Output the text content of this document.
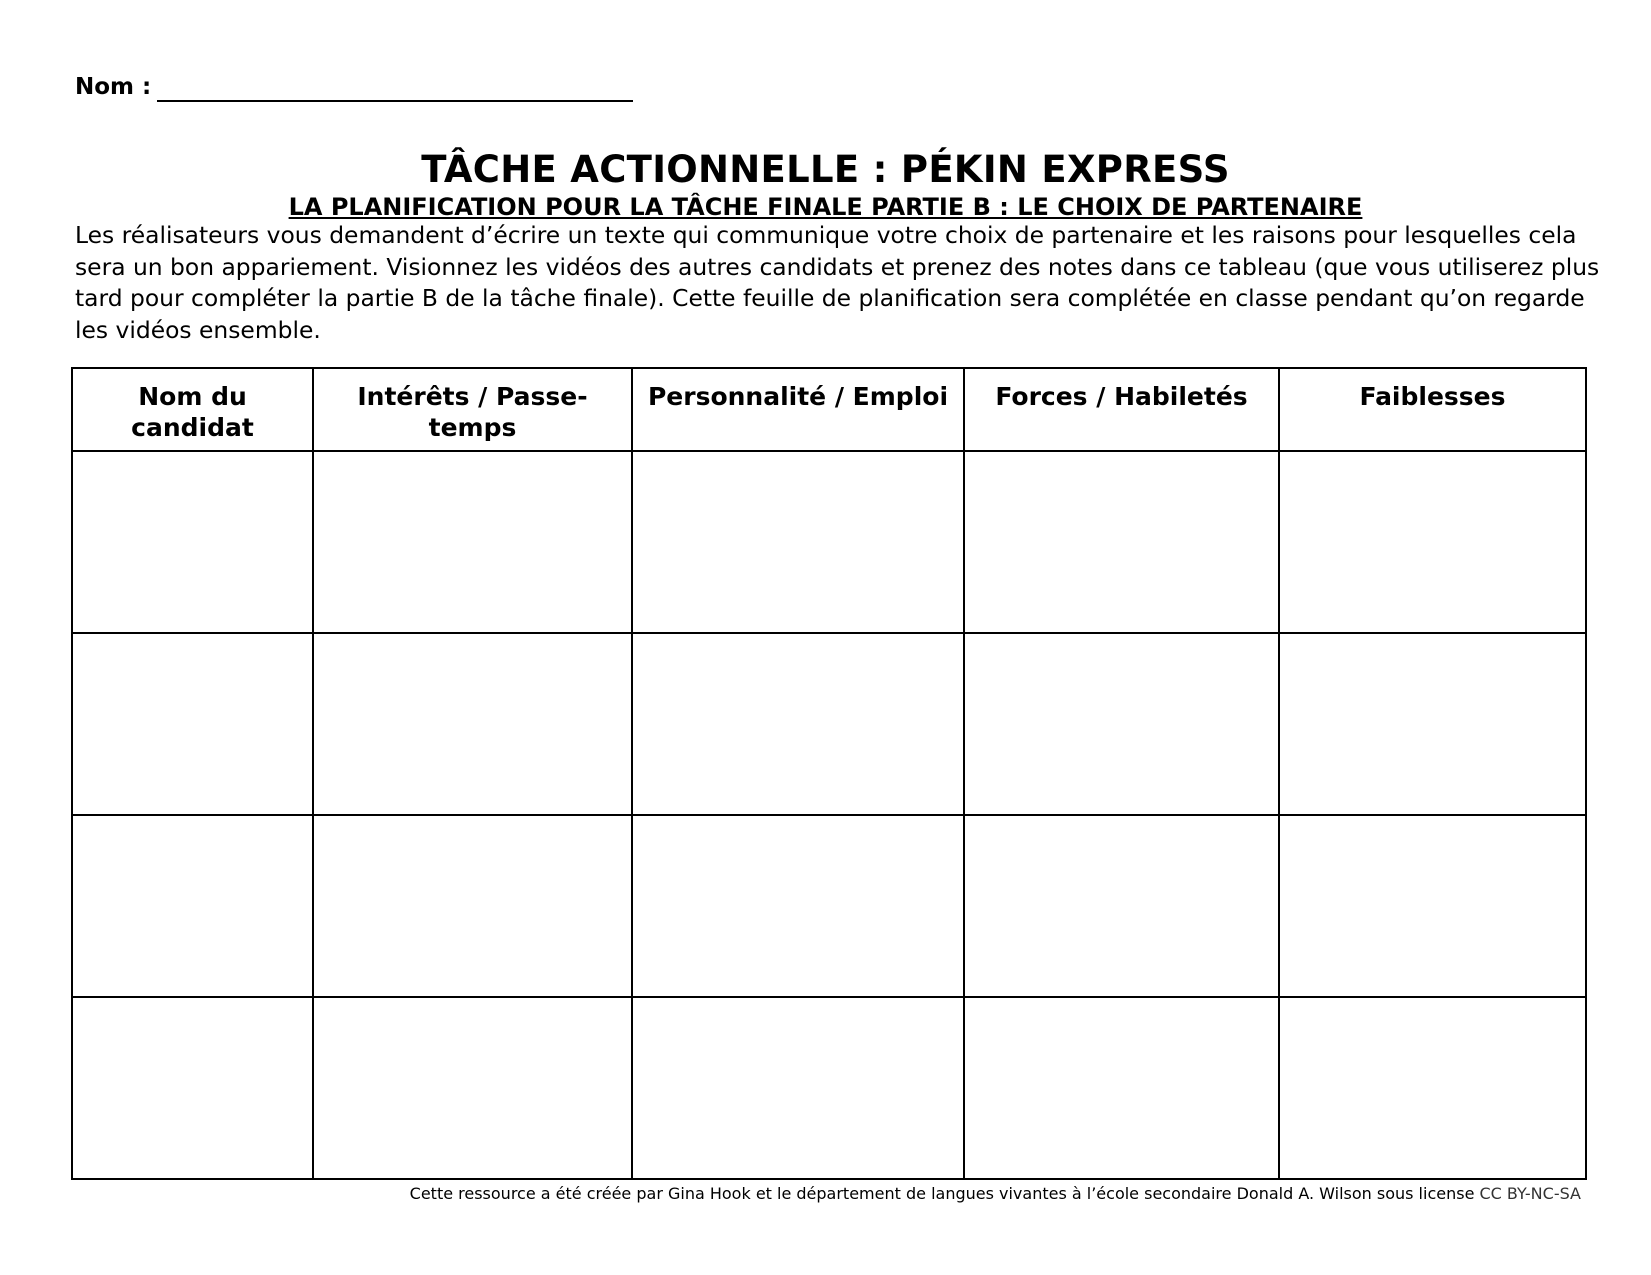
Nom :
TÂCHE ACTIONNELLE : PÉKIN EXPRESS
LA PLANIFICATION POUR LA TÂCHE FINALE PARTIE B : LE CHOIX DE PARTENAIRE

Les réalisateurs vous demandent d’écrire un texte qui communique votre choix de partenaire et les raisons pour lesquelles cela sera un bon appariement. Visionnez les vidéos des autres candidats et prenez des notes dans ce tableau (que vous utiliserez plus tard pour compléter la partie B de la tâche finale). Cette feuille de planification sera complétée en classe pendant qu’on regarde les vidéos ensemble.

Nom du candidat	Intérêts / Passe-temps	Personnalité / Emploi	Forces / Habiletés	Faiblesses

Cette ressource a été créée par Gina Hook et le département de langues vivantes à l’école secondaire Donald A. Wilson sous license CC BY-NC-SA
